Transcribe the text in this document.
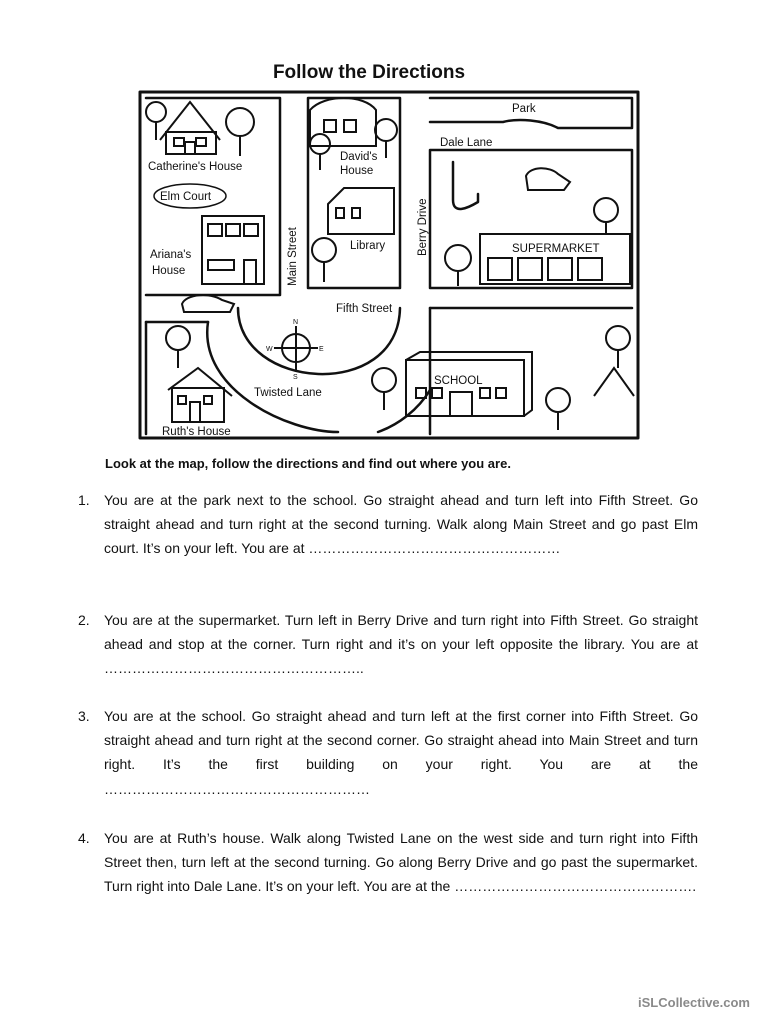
Follow the Directions
Catherine's House
Elm Court
Ariana's
House
Ruth's House
David's
House
Library
Main Street	Berry Drive
Fifth Street
Twisted Lane
Park
Dale Lane
SUPERMARKET
SCHOOL
N
S
E
W
Look at the map, follow the directions and find out where you are.
1. You are at the park next to the school. Go straight ahead and turn left into Fifth Street. Go straight ahead and turn right at the second turning. Walk along Main Street and go past Elm court. It’s on your left. You are at ………………………………………………
2. You are at the supermarket. Turn left in Berry Drive and turn right into Fifth Street. Go straight ahead and stop at the corner. Turn right and it’s on your left opposite the library. You are at ………………………………………………..
3. You are at the school. Go straight ahead and turn left at the first corner into Fifth Street. Go straight ahead and turn right at the second corner. Go straight ahead into Main Street and turn right. It’s the first building on your right. You are at the …………………………………………………
4. You are at Ruth’s house. Walk along Twisted Lane on the west side and turn right into Fifth Street then, turn left at the second turning. Go along Berry Drive and go past the supermarket. Turn right into Dale Lane. It’s on your left. You are at the …………………………………………….
iSLCollective.com
